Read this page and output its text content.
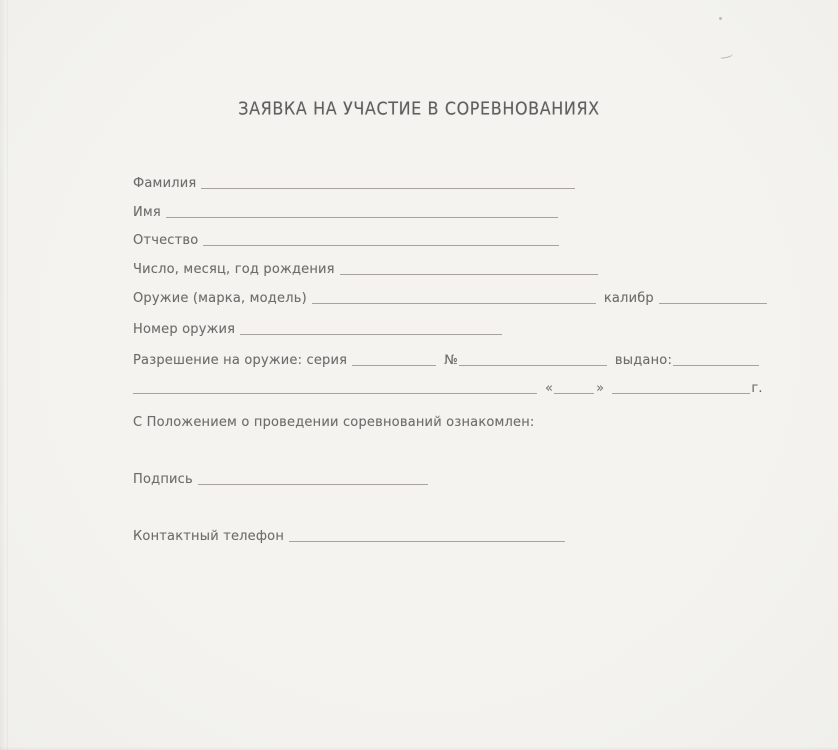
ЗАЯВКА НА УЧАСТИЕ В СОРЕВНОВАНИЯХ
Фамилия
Имя
Отчество
Число, месяц, год рождения
Оружие (марка, модель)	калибр
Номер оружия
Разрешение на оружие: серия	№	выдано:
«	»	г.
С Положением о проведении соревнований ознакомлен:
Подпись
Контактный телефон
